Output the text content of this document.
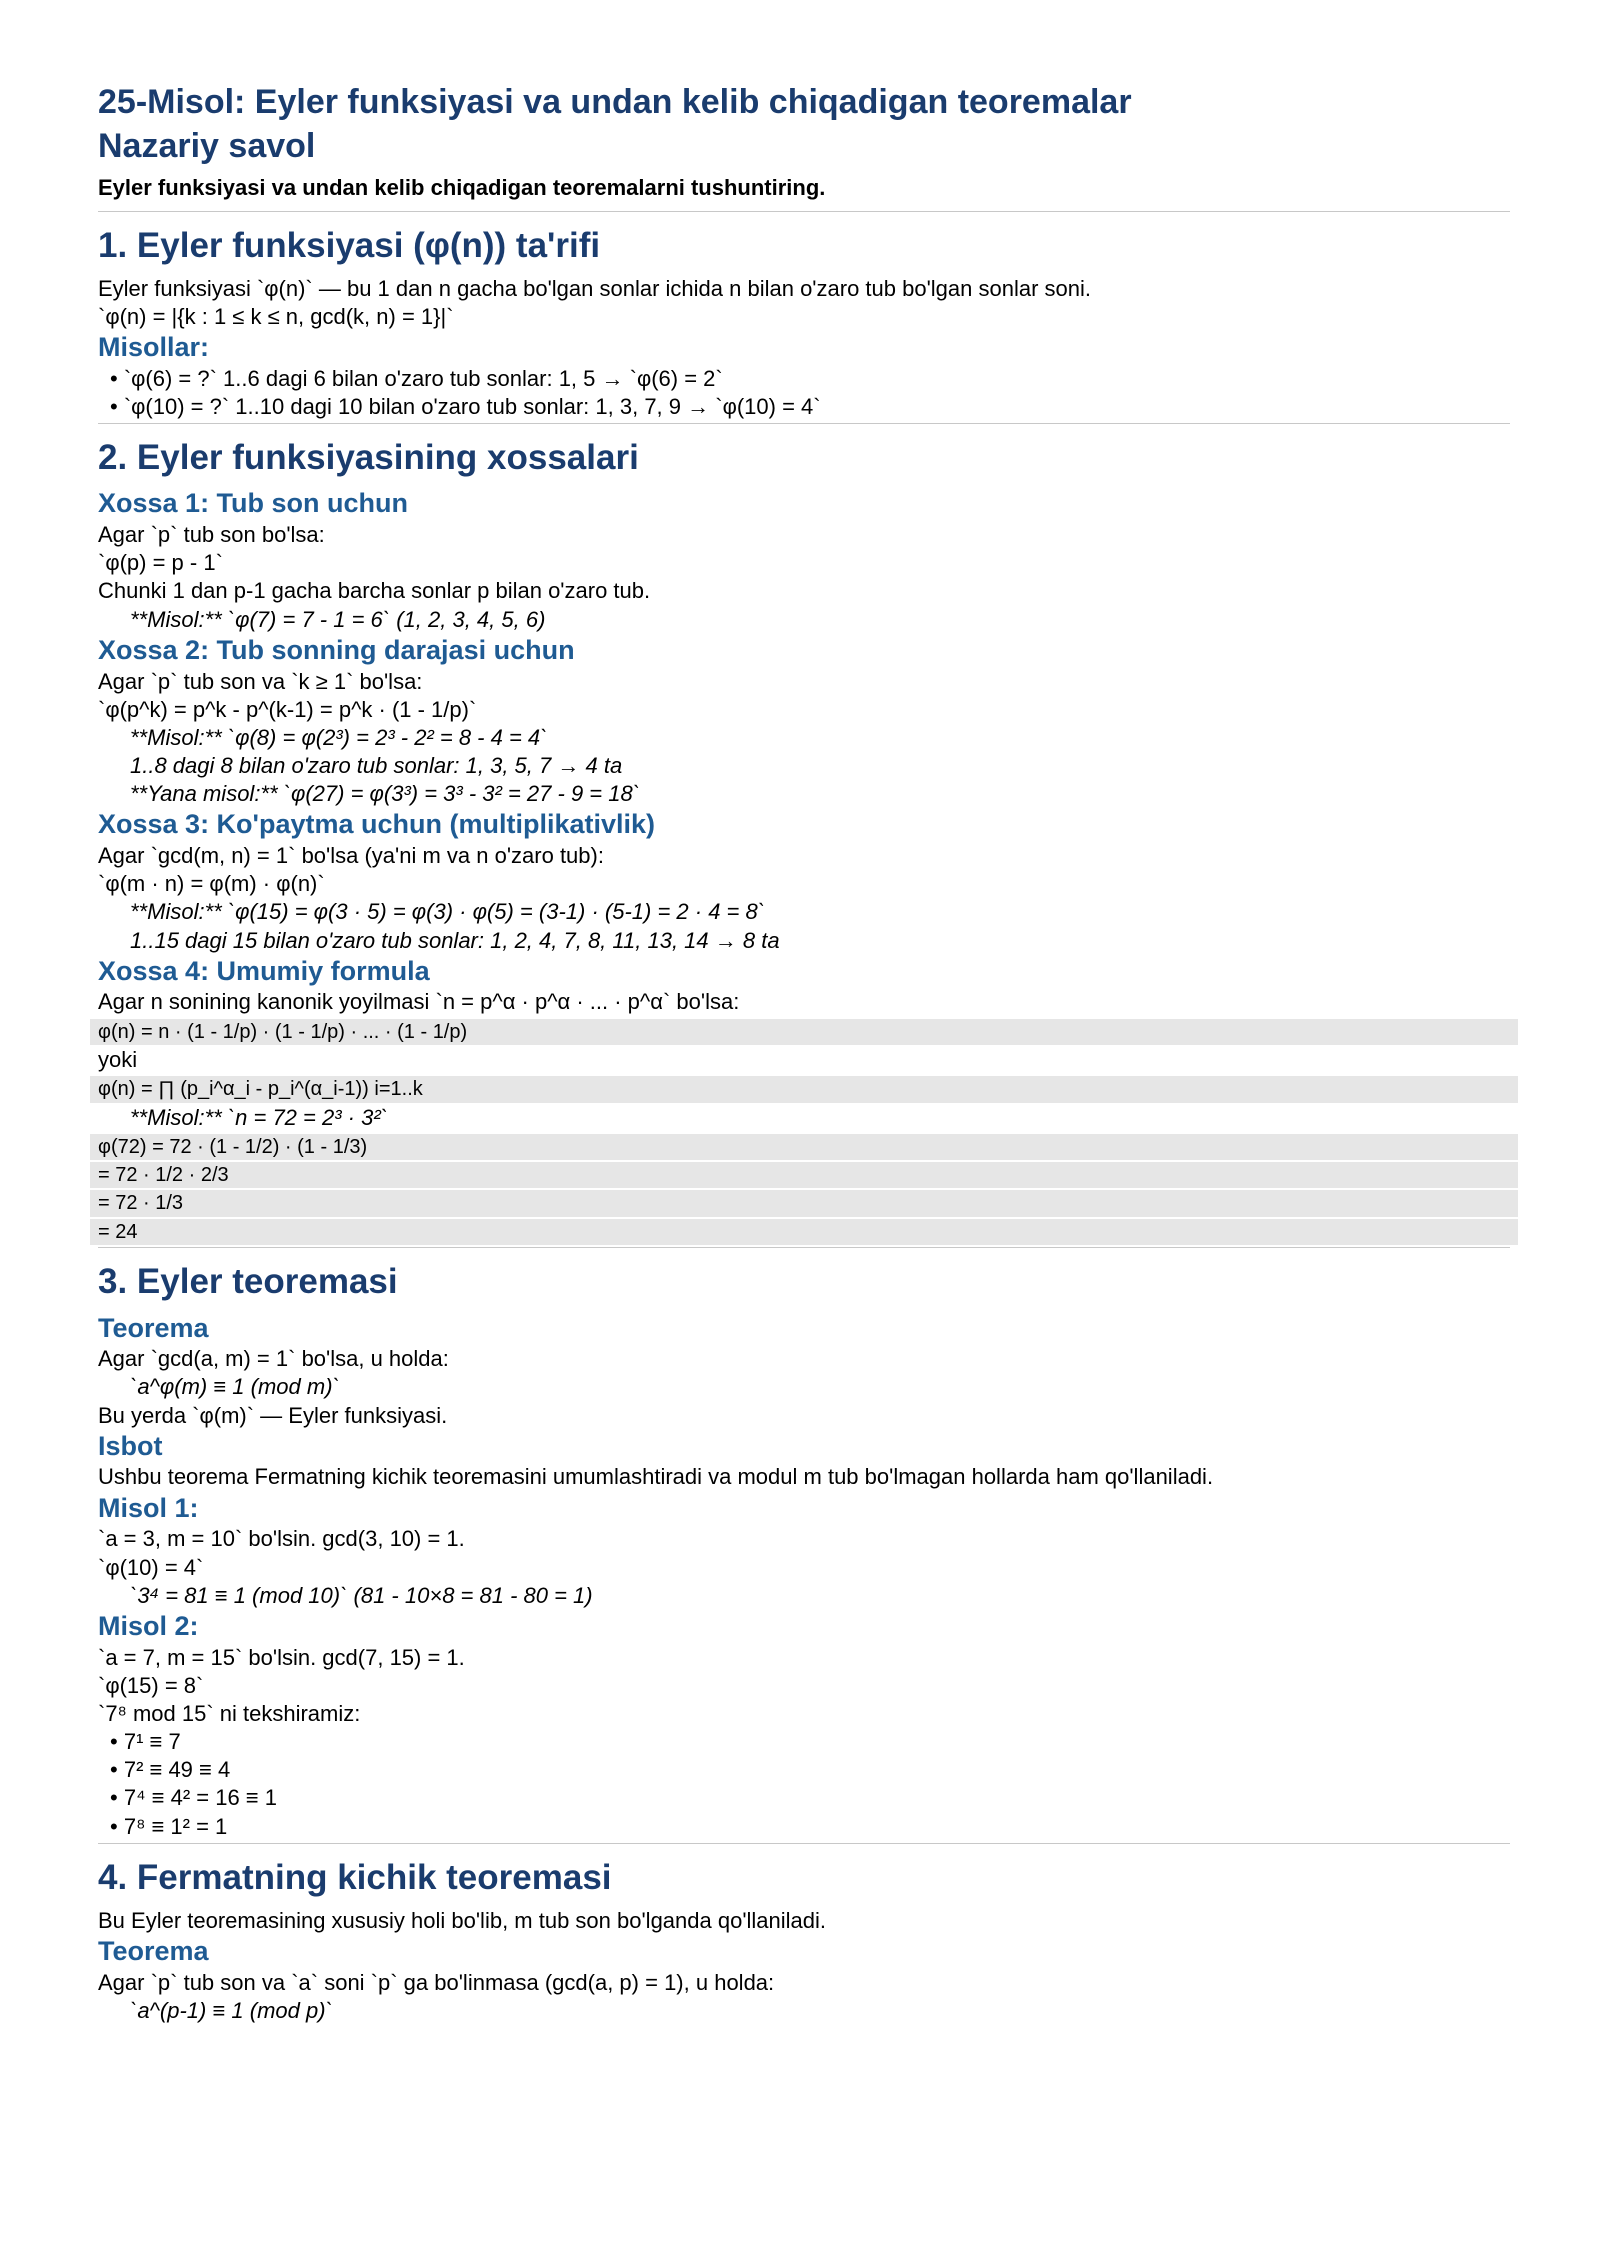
25-Misol: Eyler funksiyasi va undan kelib chiqadigan teoremalar
Nazariy savol

Eyler funksiyasi va undan kelib chiqadigan teoremalarni tushuntiring.

1. Eyler funksiyasi (φ(n)) ta'rifi

Eyler funksiyasi `φ(n)` — bu 1 dan n gacha bo'lgan sonlar ichida n bilan o'zaro tub bo'lgan sonlar soni.

`φ(n) = |{k : 1 ≤ k ≤ n, gcd(k, n) = 1}|`

Misollar:
• `φ(6) = ?` 1..6 dagi 6 bilan o'zaro tub sonlar: 1, 5 → `φ(6) = 2`
• `φ(10) = ?` 1..10 dagi 10 bilan o'zaro tub sonlar: 1, 3, 7, 9 → `φ(10) = 4`
2. Eyler funksiyasining xossalari
Xossa 1: Tub son uchun

Agar `p` tub son bo'lsa:

`φ(p) = p - 1`

Chunki 1 dan p-1 gacha barcha sonlar p bilan o'zaro tub.

**Misol:** `φ(7) = 7 - 1 = 6` (1, 2, 3, 4, 5, 6)

Xossa 2: Tub sonning darajasi uchun

Agar `p` tub son va `k ≥ 1` bo'lsa:

`φ(p^k) = p^k - p^(k-1) = p^k · (1 - 1/p)`

**Misol:** `φ(8) = φ(2³) = 2³ - 2² = 8 - 4 = 4`

1..8 dagi 8 bilan o'zaro tub sonlar: 1, 3, 5, 7 → 4 ta

**Yana misol:** `φ(27) = φ(3³) = 3³ - 3² = 27 - 9 = 18`

Xossa 3: Ko'paytma uchun (multiplikativlik)

Agar `gcd(m, n) = 1` bo'lsa (ya'ni m va n o'zaro tub):

`φ(m · n) = φ(m) · φ(n)`

**Misol:** `φ(15) = φ(3 · 5) = φ(3) · φ(5) = (3-1) · (5-1) = 2 · 4 = 8`

1..15 dagi 15 bilan o'zaro tub sonlar: 1, 2, 4, 7, 8, 11, 13, 14 → 8 ta

Xossa 4: Umumiy formula

Agar n sonining kanonik yoyilmasi `n = p^α · p^α · ... · p^α` bo'lsa:

φ(n) = n · (1 - 1/p) · (1 - 1/p) · ... · (1 - 1/p)

yoki

φ(n) = ∏ (p_i^α_i - p_i^(α_i-1)) i=1..k

**Misol:** `n = 72 = 2³ · 3²`

φ(72) = 72 · (1 - 1/2) · (1 - 1/3)
= 72 · 1/2 · 2/3
= 72 · 1/3
= 24
3. Eyler teoremasi
Teorema

Agar `gcd(a, m) = 1` bo'lsa, u holda:

`a^φ(m) ≡ 1 (mod m)`

Bu yerda `φ(m)` — Eyler funksiyasi.

Isbot

Ushbu teorema Fermatning kichik teoremasini umumlashtiradi va modul m tub bo'lmagan hollarda ham qo'llaniladi.

Misol 1:

`a = 3, m = 10` bo'lsin. gcd(3, 10) = 1.

`φ(10) = 4`

`3⁴ = 81 ≡ 1 (mod 10)` (81 - 10×8 = 81 - 80 = 1)

Misol 2:

`a = 7, m = 15` bo'lsin. gcd(7, 15) = 1.

`φ(15) = 8`

`7⁸ mod 15` ni tekshiramiz:

• 7¹ ≡ 7
• 7² ≡ 49 ≡ 4
• 7⁴ ≡ 4² = 16 ≡ 1
• 7⁸ ≡ 1² = 1
4. Fermatning kichik teoremasi

Bu Eyler teoremasining xususiy holi bo'lib, m tub son bo'lganda qo'llaniladi.

Teorema

Agar `p` tub son va `a` soni `p` ga bo'linmasa (gcd(a, p) = 1), u holda:

`a^(p-1) ≡ 1 (mod p)`
